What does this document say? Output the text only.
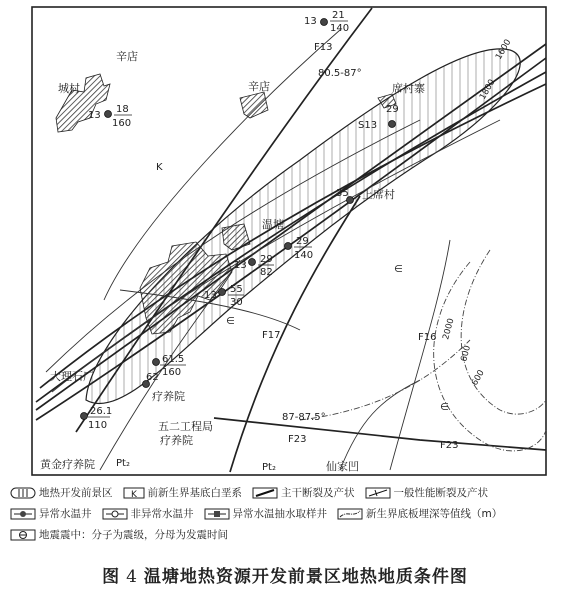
13
21
140
13
18
160	S13
29
29
140
13
29
82
13
55
30
61.5
160
62
26.1
110
35
辛店
城村	辛店	席村寨
上席村
温塘
大理石厂
疗养院
五二工程局
疗养院
黄金疗养院	仙家凹
K
∈
∈
∈
Pt₂	Pt₂
F13
80.5-87°
F17	F16
87-87.5°
F23
F23
1600
1800
2000
600
600
地热开发前景区 K 前新生界基底白垩系	主干断裂及产状	一般性能断裂及产状
异常水温井	非异常水温井	异常水温抽水取样井	新生界底板埋深等值线（m）
地震震中：分子为震级，分母为发震时间
图 4 温塘地热资源开发前景区地热地质条件图
